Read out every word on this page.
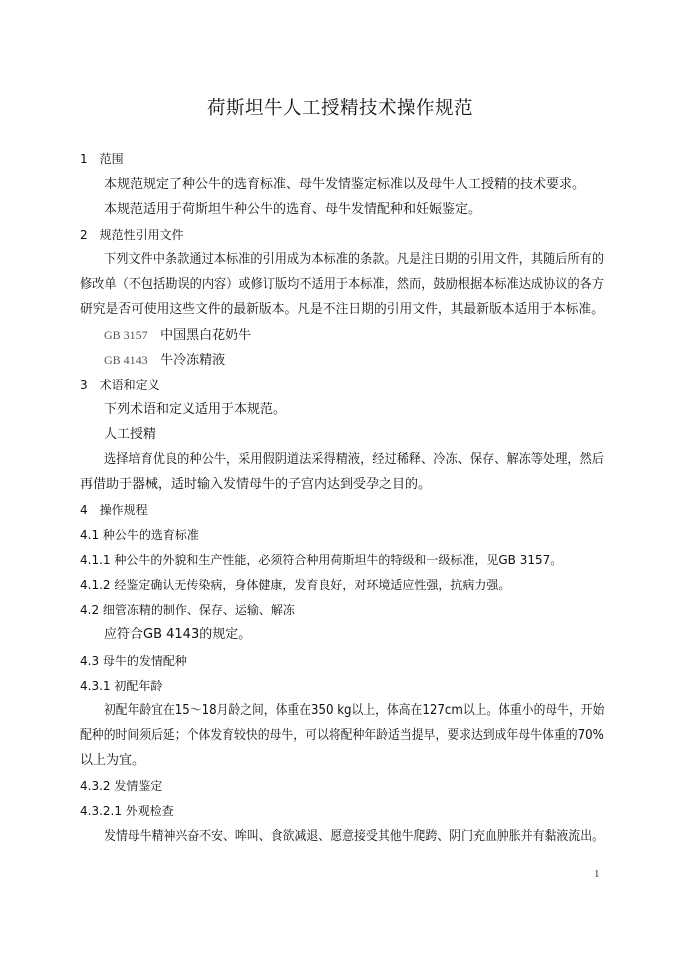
荷斯坦牛人工授精技术操作规范
1　范围
本规范规定了种公牛的选育标准、母牛发情鉴定标准以及母牛人工授精的技术要求。
本规范适用于荷斯坦牛种公牛的选育、母牛发情配种和妊娠鉴定。
2　规范性引用文件
下列文件中条款通过本标准的引用成为本标准的条款。凡是注日期的引用文件，其随后所有的
修改单（不包括勘误的内容）或修订版均不适用于本标准，然而，鼓励根据本标准达成协议的各方
研究是否可使用这些文件的最新版本。凡是不注日期的引用文件，其最新版本适用于本标准。
GB 3157 中国黑白花奶牛
GB 4143 牛冷冻精液
3　术语和定义
下列术语和定义适用于本规范。
人工授精
选择培育优良的种公牛，采用假阴道法采得精液，经过稀释、冷冻、保存、解冻等处理，然后
再借助于器械，适时输入发情母牛的子宫内达到受孕之目的。
4　操作规程
4.1 种公牛的选育标准
4.1.1 种公牛的外貌和生产性能，必须符合种用荷斯坦牛的特级和一级标准，见GB 3157。
4.1.2 经鉴定确认无传染病，身体健康，发育良好，对环境适应性强，抗病力强。
4.2 细管冻精的制作、保存、运输、解冻
应符合GB 4143的规定。
4.3 母牛的发情配种
4.3.1 初配年龄
初配年龄宜在15～18月龄之间，体重在350 kg以上，体高在127cm以上。体重小的母牛，开始
配种的时间须后延；个体发育较快的母牛，可以将配种年龄适当提早，要求达到成年母牛体重的70%
以上为宜。
4.3.2 发情鉴定
4.3.2.1 外观检查
发情母牛精神兴奋不安、哞叫、食欲减退、愿意接受其他牛爬跨、阴门充血肿胀并有黏液流出。
1
